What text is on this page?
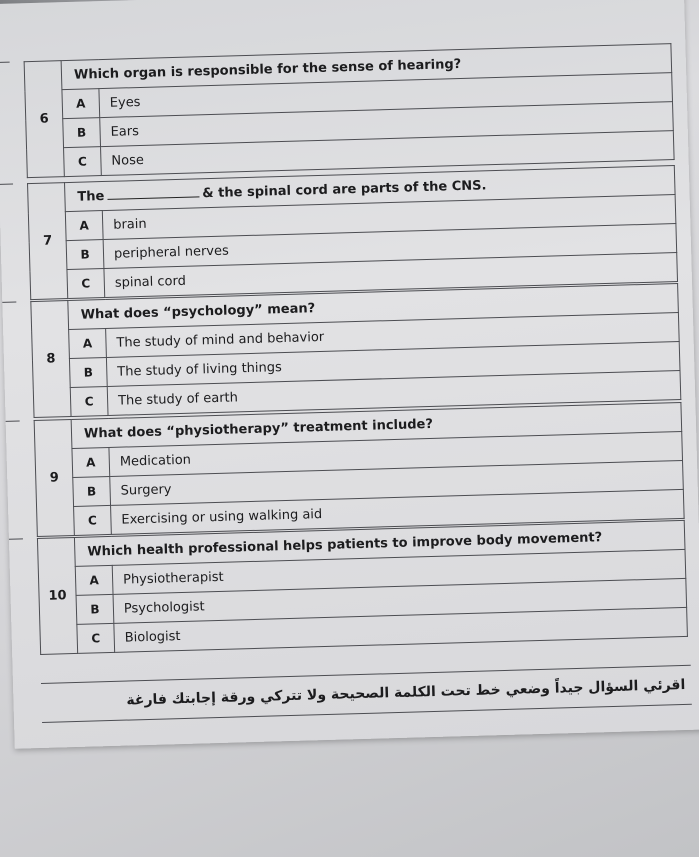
6	Which organ is responsible for the sense of hearing?	
	A	Eyes
	B	Ears
	C	Nose
7	The & the spinal cord are parts of the CNS.	
	A	brain
	B	peripheral nerves
	C	spinal cord
8	What does “psychology” mean?	
	A	The study of mind and behavior
	B	The study of living things
	C	The study of earth
9	What does “physiotherapy” treatment include?	
	A	Medication
	B	Surgery
	C	Exercising or using walking aid
10	Which health professional helps patients to improve body movement?	
	A	Physiotherapist
	B	Psychologist
	C	Biologist
اقرئي السؤال جيداً وضعي خط تحت الكلمة الصحيحة ولا تتركي ورقة إجابتك فارغة
